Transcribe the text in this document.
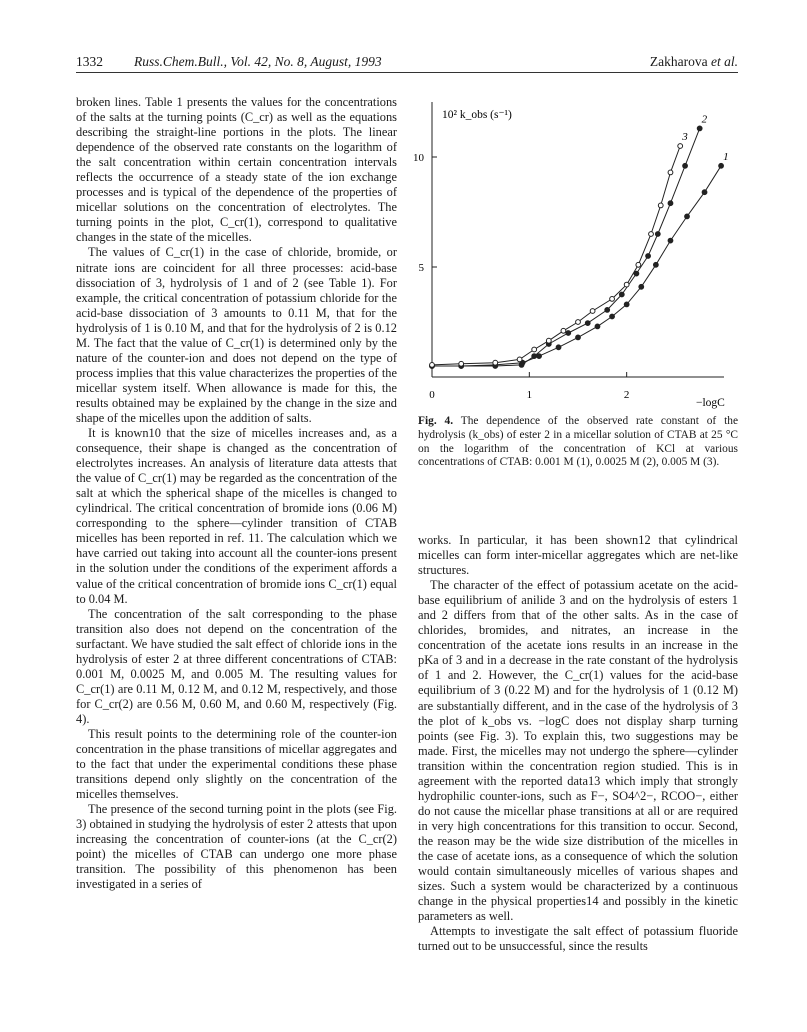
1332 Russ.Chem.Bull., Vol. 42, No. 8, August, 1993	Zakharova et al.

broken lines. Table 1 presents the values for the concentrations of the salts at the turning points (C_cr) as well as the equations describing the straight-line portions in the plots. The linear dependence of the observed rate constants on the logarithm of the salt concentration within certain concentration intervals reflects the occurrence of a steady state of the ion exchange processes and is typical of the dependence of the properties of micellar solutions on the concentration of electrolytes. The turning points in the plot, C_cr(1), correspond to qualitative changes in the state of the micelles.

The values of C_cr(1) in the case of chloride, bromide, or nitrate ions are coincident for all three processes: acid-base dissociation of 3, hydrolysis of 1 and of 2 (see Table 1). For example, the critical concentration of potassium chloride for the acid-base dissociation of 3 amounts to 0.11 M, that for the hydrolysis of 1 is 0.10 M, and that for the hydrolysis of 2 is 0.12 M. The fact that the value of C_cr(1) is determined only by the nature of the counter-ion and does not depend on the type of process implies that this value characterizes the properties of the micellar system itself. When allowance is made for this, the results obtained may be explained by the change in the size and shape of the micelles upon the addition of salts.

It is known10 that the size of micelles increases and, as a consequence, their shape is changed as the concentration of electrolytes increases. An analysis of literature data attests that the value of C_cr(1) may be regarded as the concentration of the salt at which the spherical shape of the micelles is changed to cylindrical. The critical concentration of bromide ions (0.06 M) corresponding to the sphere—cylinder transition of CTAB micelles has been reported in ref. 11. The calculation which we have carried out taking into account all the counter-ions present in the solution under the conditions of the experiment affords a value of the critical concentration of bromide ions C_cr(1) equal to 0.04 M.

The concentration of the salt corresponding to the phase transition also does not depend on the concentration of the surfactant. We have studied the salt effect of chloride ions in the hydrolysis of ester 2 at three different concentrations of CTAB: 0.001 M, 0.0025 M, and 0.005 M. The resulting values for C_cr(1) are 0.11 M, 0.12 M, and 0.12 M, respectively, and those for C_cr(2) are 0.56 M, 0.60 M, and 0.60 M, respectively (Fig. 4).

This result points to the determining role of the counter-ion concentration in the phase transitions of micellar aggregates and to the fact that under the experimental conditions these phase transitions depend only slightly on the concentration of the micelles themselves.

The presence of the second turning point in the plots (see Fig. 3) obtained in studying the hydrolysis of ester 2 attests that upon increasing the concentration of counter-ions (at the C_cr(2) point) the micelles of CTAB can undergo one more phase transition. The possibility of this phenomenon has been investigated in a series of

5
10
0	1	2
1
2
3
10² k_obs (s⁻¹)
−logC
Fig. 4. The dependence of the observed rate constant of the hydrolysis (k_obs) of ester 2 in a micellar solution of CTAB at 25 °C on the logarithm of the concentration of KCl at various concentrations of CTAB: 0.001 M (1), 0.0025 M (2), 0.005 M (3).

works. In particular, it has been shown12 that cylindrical micelles can form inter-micellar aggregates which are net-like structures.

The character of the effect of potassium acetate on the acid-base equilibrium of anilide 3 and on the hydrolysis of esters 1 and 2 differs from that of the other salts. As in the case of chlorides, bromides, and nitrates, an increase in the concentration of the acetate ions results in an increase in the pKa of 3 and in a decrease in the rate constant of the hydrolysis of 1 and 2. However, the C_cr(1) values for the acid-base equilibrium of 3 (0.22 M) and for the hydrolysis of 1 (0.12 M) are substantially different, and in the case of the hydrolysis of 3 the plot of k_obs vs. −logC does not display sharp turning points (see Fig. 3). To explain this, two suggestions may be made. First, the micelles may not undergo the sphere—cylinder transition within the concentration region studied. This is in agreement with the reported data13 which imply that strongly hydrophilic counter-ions, such as F−, SO4^2−, RCOO−, either do not cause the micellar phase transitions at all or are required in very high concentrations for this transition to occur. Second, the reason may be the wide size distribution of the micelles in the case of acetate ions, as a consequence of which the solution would contain simultaneously micelles of various shapes and sizes. Such a system would be characterized by a continuous change in the physical properties14 and possibly in the kinetic parameters as well.

Attempts to investigate the salt effect of potassium fluoride turned out to be unsuccessful, since the results
